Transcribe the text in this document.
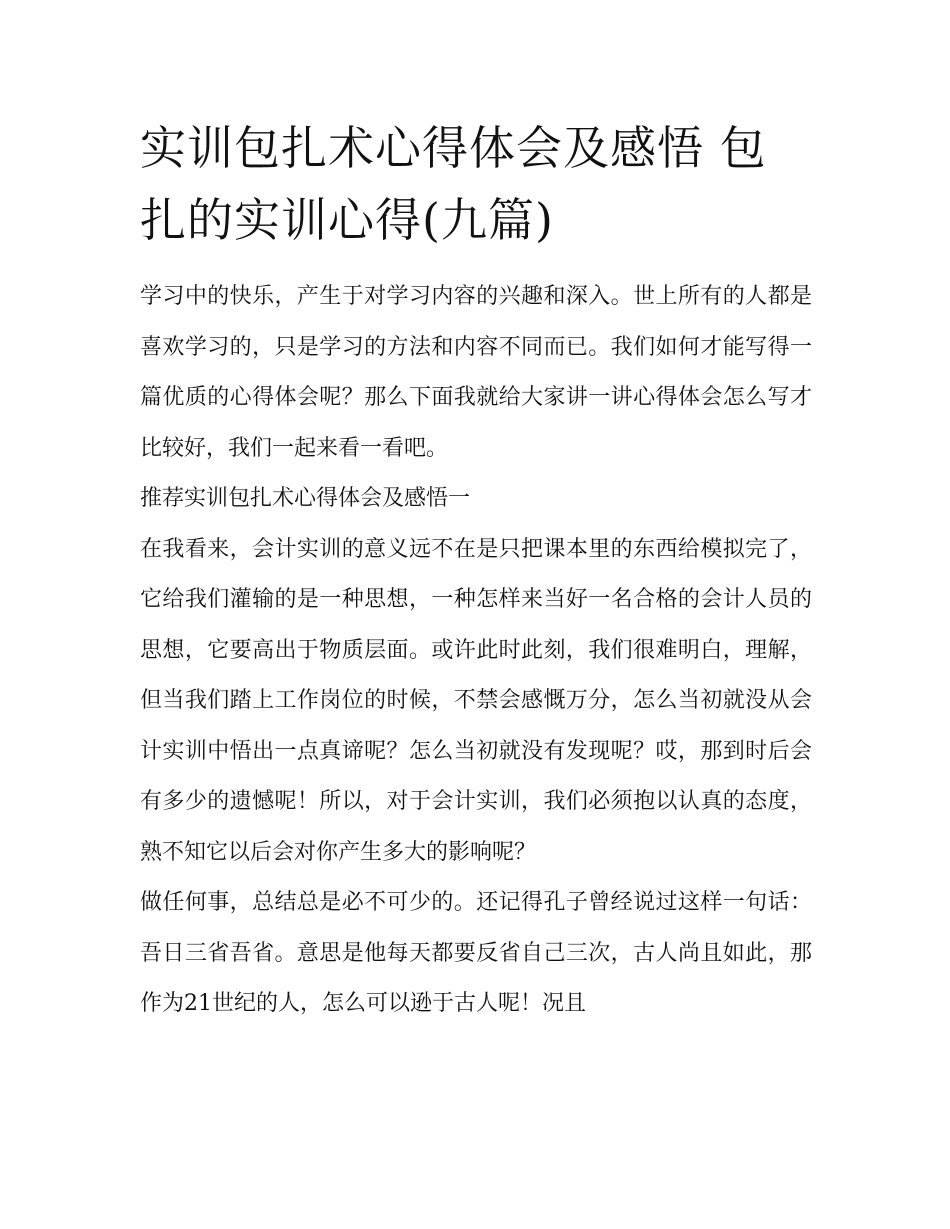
实训包扎术心得体会及感悟 包扎的实训心得(九篇)

学习中的快乐，产生于对学习内容的兴趣和深入。世上所有的人都是喜欢学习的，只是学习的方法和内容不同而已。我们如何才能写得一篇优质的心得体会呢？那么下面我就给大家讲一讲心得体会怎么写才比较好，我们一起来看一看吧。

推荐实训包扎术心得体会及感悟一

在我看来，会计实训的意义远不在是只把课本里的东西给模拟完了，它给我们灌输的是一种思想，一种怎样来当好一名合格的会计人员的思想，它要高出于物质层面。或许此时此刻，我们很难明白，理解，但当我们踏上工作岗位的时候，不禁会感慨万分，怎么当初就没从会计实训中悟出一点真谛呢？怎么当初就没有发现呢？哎，那到时后会有多少的遗憾呢！所以，对于会计实训，我们必须抱以认真的态度，熟不知它以后会对你产生多大的影响呢？

做任何事，总结总是必不可少的。还记得孔子曾经说过这样一句话：吾日三省吾省。意思是他每天都要反省自己三次，古人尚且如此，那作为21世纪的人，怎么可以逊于古人呢！况且
